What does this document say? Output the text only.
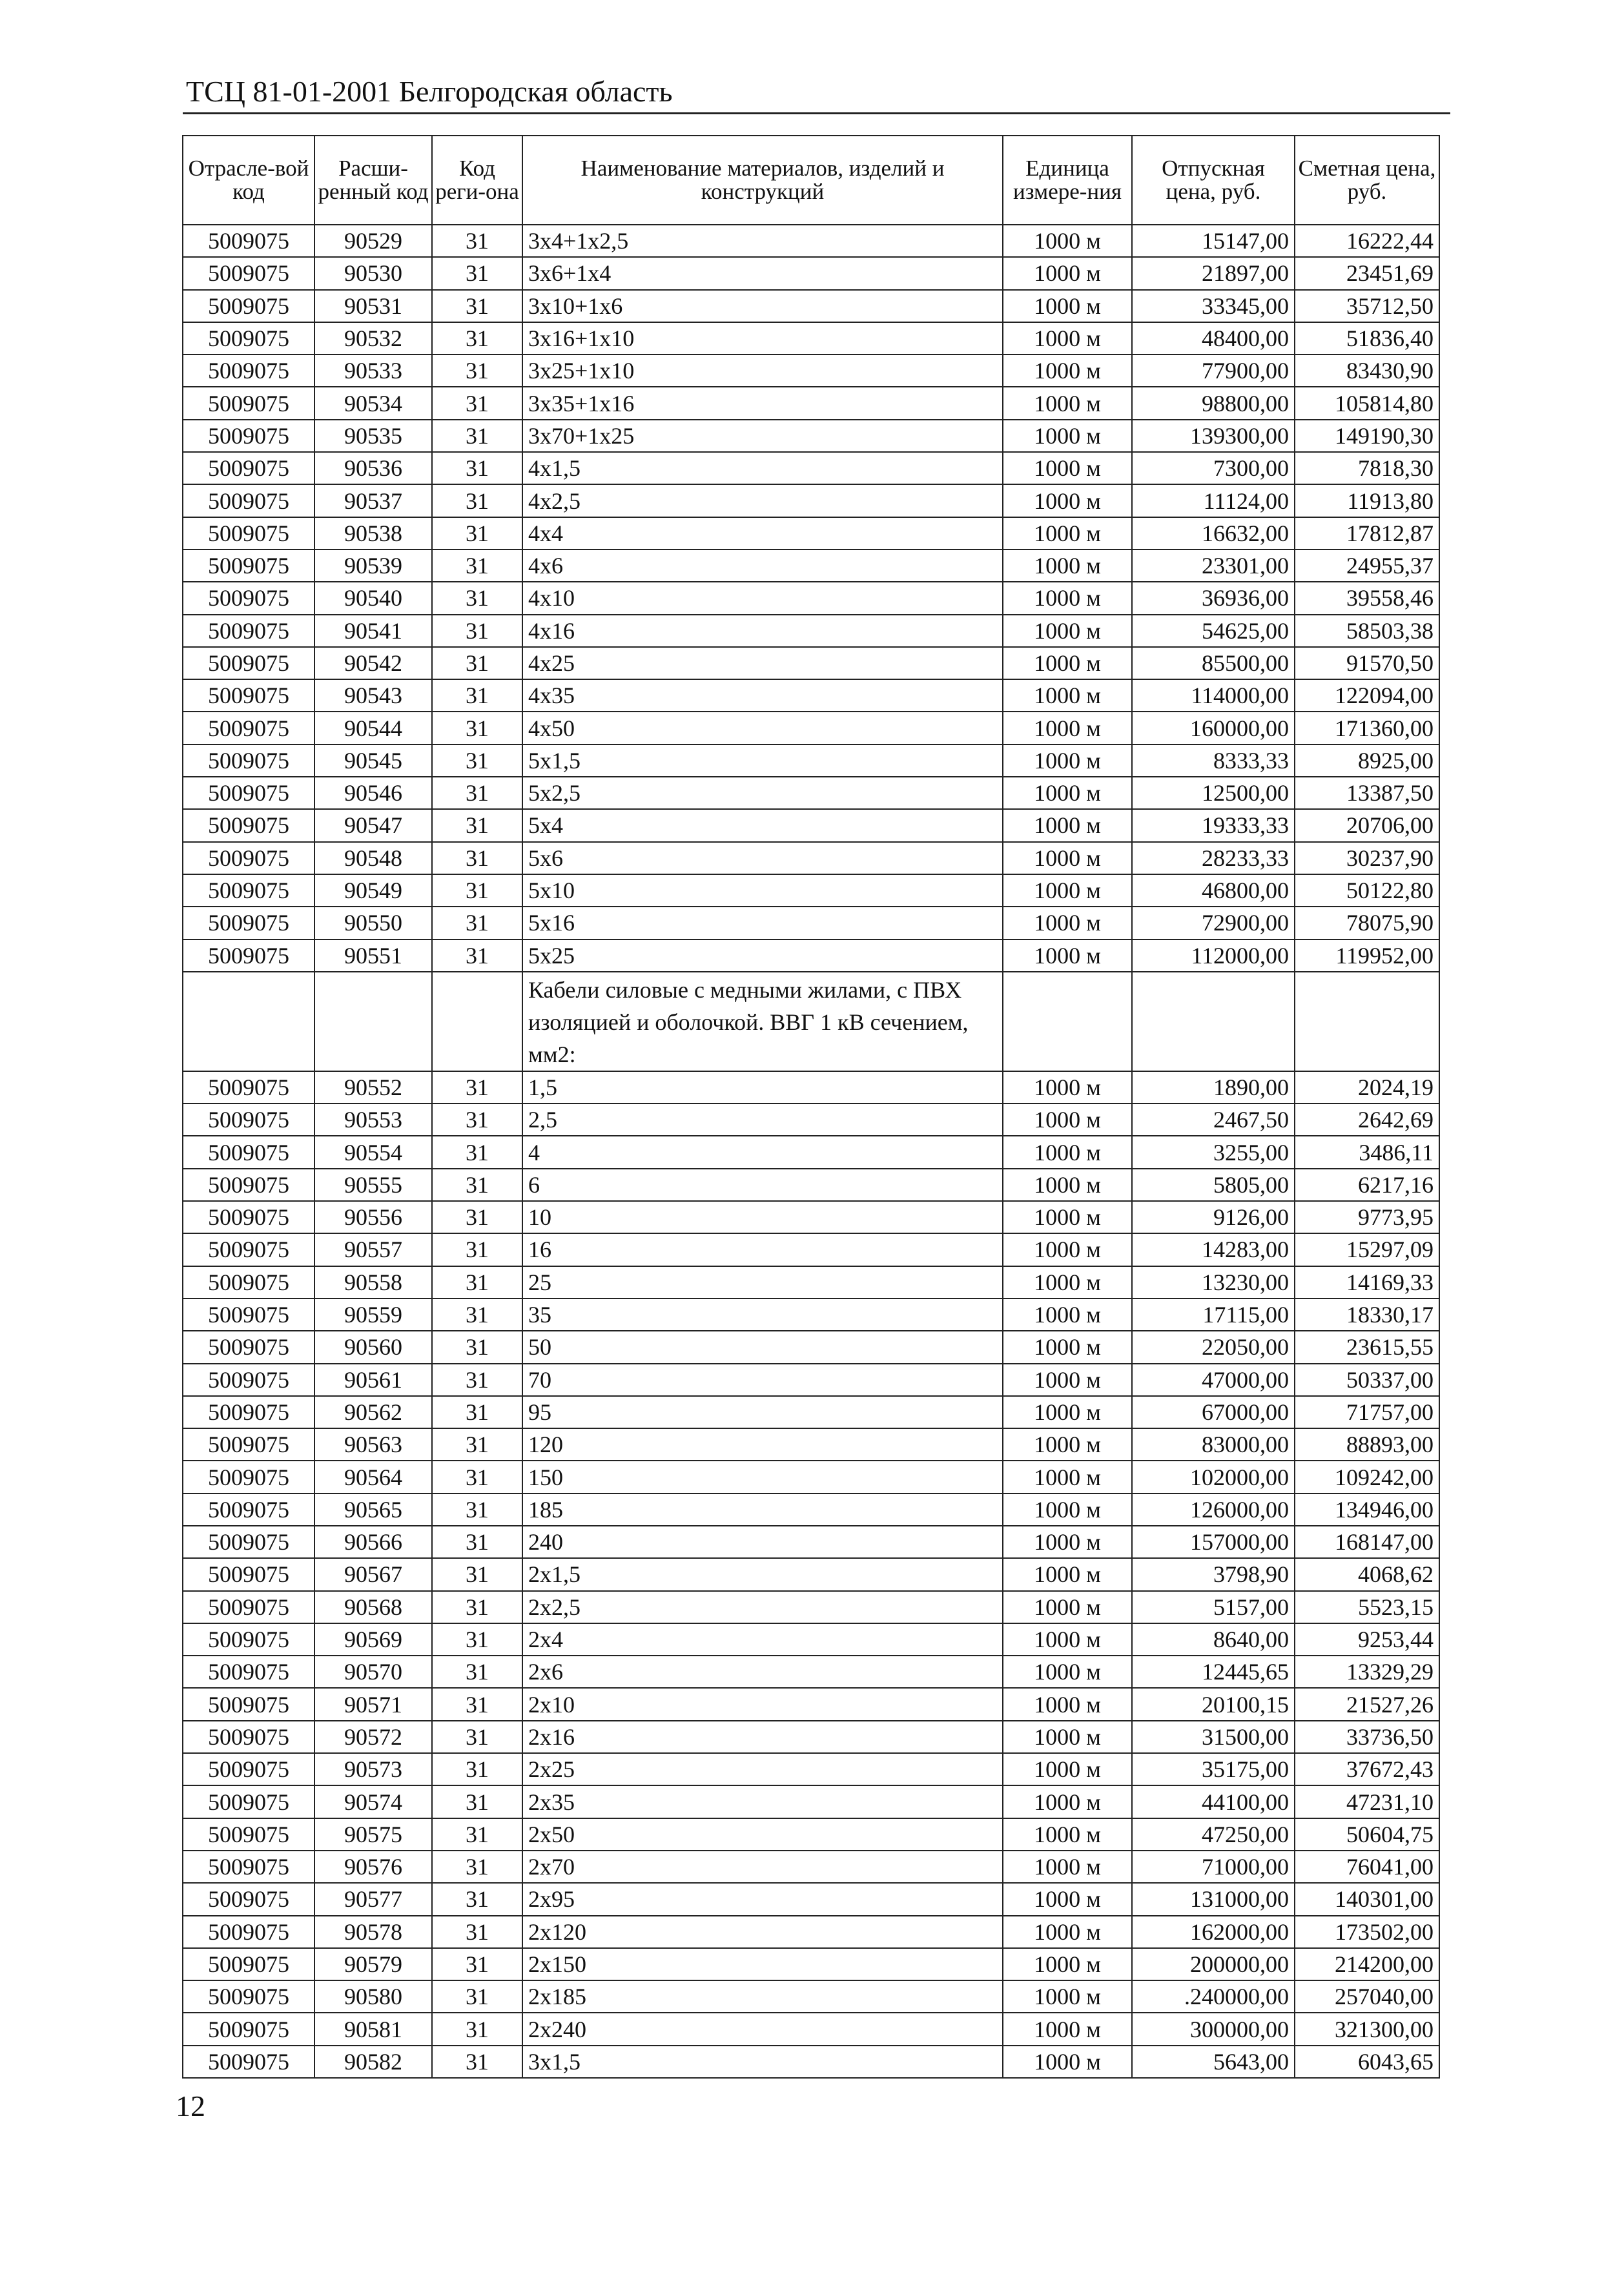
ТСЦ 81-01-2001 Белгородская область
Отрасле-вой код	Расши-ренный код	Код реги-она	Наименование материалов, изделий и конструкций	Единица измере-ния	Отпускная цена, руб.	Сметная цена, руб.
5009075	90529	31	3х4+1х2,5	1000 м	15147,00	16222,44
5009075	90530	31	3х6+1х4	1000 м	21897,00	23451,69
5009075	90531	31	3х10+1х6	1000 м	33345,00	35712,50
5009075	90532	31	3х16+1х10	1000 м	48400,00	51836,40
5009075	90533	31	3х25+1х10	1000 м	77900,00	83430,90
5009075	90534	31	3х35+1х16	1000 м	98800,00	105814,80
5009075	90535	31	3х70+1х25	1000 м	139300,00	149190,30
5009075	90536	31	4х1,5	1000 м	7300,00	7818,30
5009075	90537	31	4х2,5	1000 м	11124,00	11913,80
5009075	90538	31	4х4	1000 м	16632,00	17812,87
5009075	90539	31	4х6	1000 м	23301,00	24955,37
5009075	90540	31	4х10	1000 м	36936,00	39558,46
5009075	90541	31	4х16	1000 м	54625,00	58503,38
5009075	90542	31	4х25	1000 м	85500,00	91570,50
5009075	90543	31	4х35	1000 м	114000,00	122094,00
5009075	90544	31	4х50	1000 м	160000,00	171360,00
5009075	90545	31	5х1,5	1000 м	8333,33	8925,00
5009075	90546	31	5х2,5	1000 м	12500,00	13387,50
5009075	90547	31	5х4	1000 м	19333,33	20706,00
5009075	90548	31	5х6	1000 м	28233,33	30237,90
5009075	90549	31	5х10	1000 м	46800,00	50122,80
5009075	90550	31	5х16	1000 м	72900,00	78075,90
5009075	90551	31	5х25	1000 м	112000,00	119952,00
			Кабели силовые с медными жилами, с ПВХ изоляцией и оболочкой. ВВГ 1 кВ сечением, мм2:			
5009075	90552	31	1,5	1000 м	1890,00	2024,19
5009075	90553	31	2,5	1000 м	2467,50	2642,69
5009075	90554	31	4	1000 м	3255,00	3486,11
5009075	90555	31	6	1000 м	5805,00	6217,16
5009075	90556	31	10	1000 м	9126,00	9773,95
5009075	90557	31	16	1000 м	14283,00	15297,09
5009075	90558	31	25	1000 м	13230,00	14169,33
5009075	90559	31	35	1000 м	17115,00	18330,17
5009075	90560	31	50	1000 м	22050,00	23615,55
5009075	90561	31	70	1000 м	47000,00	50337,00
5009075	90562	31	95	1000 м	67000,00	71757,00
5009075	90563	31	120	1000 м	83000,00	88893,00
5009075	90564	31	150	1000 м	102000,00	109242,00
5009075	90565	31	185	1000 м	126000,00	134946,00
5009075	90566	31	240	1000 м	157000,00	168147,00
5009075	90567	31	2х1,5	1000 м	3798,90	4068,62
5009075	90568	31	2х2,5	1000 м	5157,00	5523,15
5009075	90569	31	2х4	1000 м	8640,00	9253,44
5009075	90570	31	2х6	1000 м	12445,65	13329,29
5009075	90571	31	2х10	1000 м	20100,15	21527,26
5009075	90572	31	2х16	1000 м	31500,00	33736,50
5009075	90573	31	2х25	1000 м	35175,00	37672,43
5009075	90574	31	2х35	1000 м	44100,00	47231,10
5009075	90575	31	2х50	1000 м	47250,00	50604,75
5009075	90576	31	2х70	1000 м	71000,00	76041,00
5009075	90577	31	2х95	1000 м	131000,00	140301,00
5009075	90578	31	2х120	1000 м	162000,00	173502,00
5009075	90579	31	2х150	1000 м	200000,00	214200,00
5009075	90580	31	2х185	1000 м	.240000,00	257040,00
5009075	90581	31	2х240	1000 м	300000,00	321300,00
5009075	90582	31	3х1,5	1000 м	5643,00	6043,65
12
